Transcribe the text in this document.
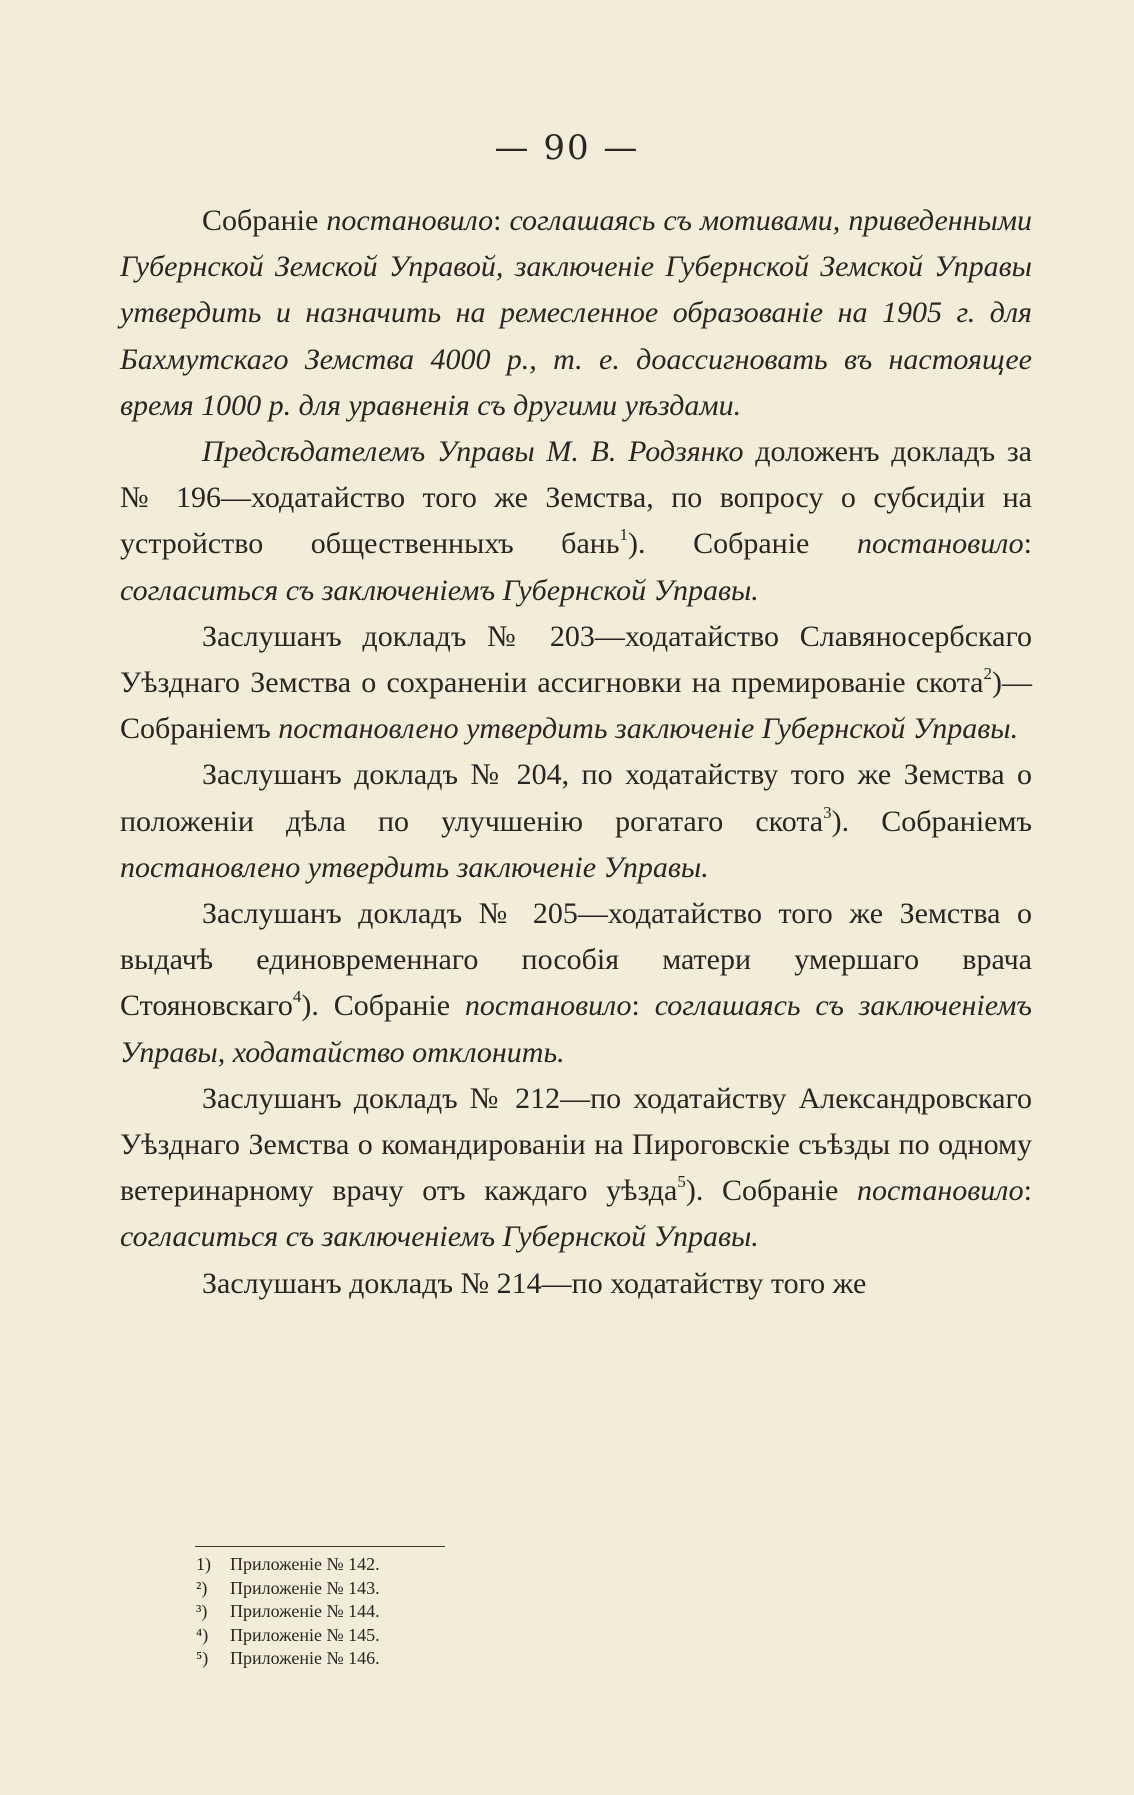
— 90 —

Собраніе постановило: соглашаясь съ мотивами, приведенными Губернской Земской Управой, заключеніе Губернской Земской Управы утвердить и назначить на ремесленное образованіе на 1905 г. для Бахмутскаго Земства 4000 р., т. е. доассигновать въ настоящее время 1000 р. для уравненія съ другими уѣздами.

Предсѣдателемъ Управы М. В. Родзянко доложенъ докладъ за № 196—ходатайство того же Земства, по вопросу о субсидіи на устройство общественныхъ бань$^1$). Собраніе постановило: согласиться съ заключеніемъ Губернской Управы.

Заслушанъ докладъ № 203—ходатайство Славяносербскаго Уѣзднаго Земства о сохраненіи ассигновки на премированіе скота$^2$)—Собраніемъ постановлено утвердить заключеніе Губернской Управы.

Заслушанъ докладъ № 204, по ходатайству того же Земства о положеніи дѣла по улучшенію рогатаго скота$^3$). Собраніемъ постановлено утвердить заключеніе Управы.

Заслушанъ докладъ № 205—ходатайство того же Земства о выдачѣ единовременнаго пособія матери умершаго врача Стояновскаго$^4$). Собраніе постановило: соглашаясь съ заключеніемъ Управы, ходатайство отклонить.

Заслушанъ докладъ № 212—по ходатайству Александровскаго Уѣзднаго Земства о командированіи на Пироговскіе съѣзды по одному ветеринарному врачу отъ каждаго уѣзда$^5$). Собраніе постановило: согласиться съ заключеніемъ Губернской Управы.

Заслушанъ докладъ № 214—по ходатайству того же

1) Приложеніе № 142.

²) Приложеніе № 143.

³) Приложеніе № 144.

⁴) Приложеніе № 145.

⁵) Приложеніе № 146.
